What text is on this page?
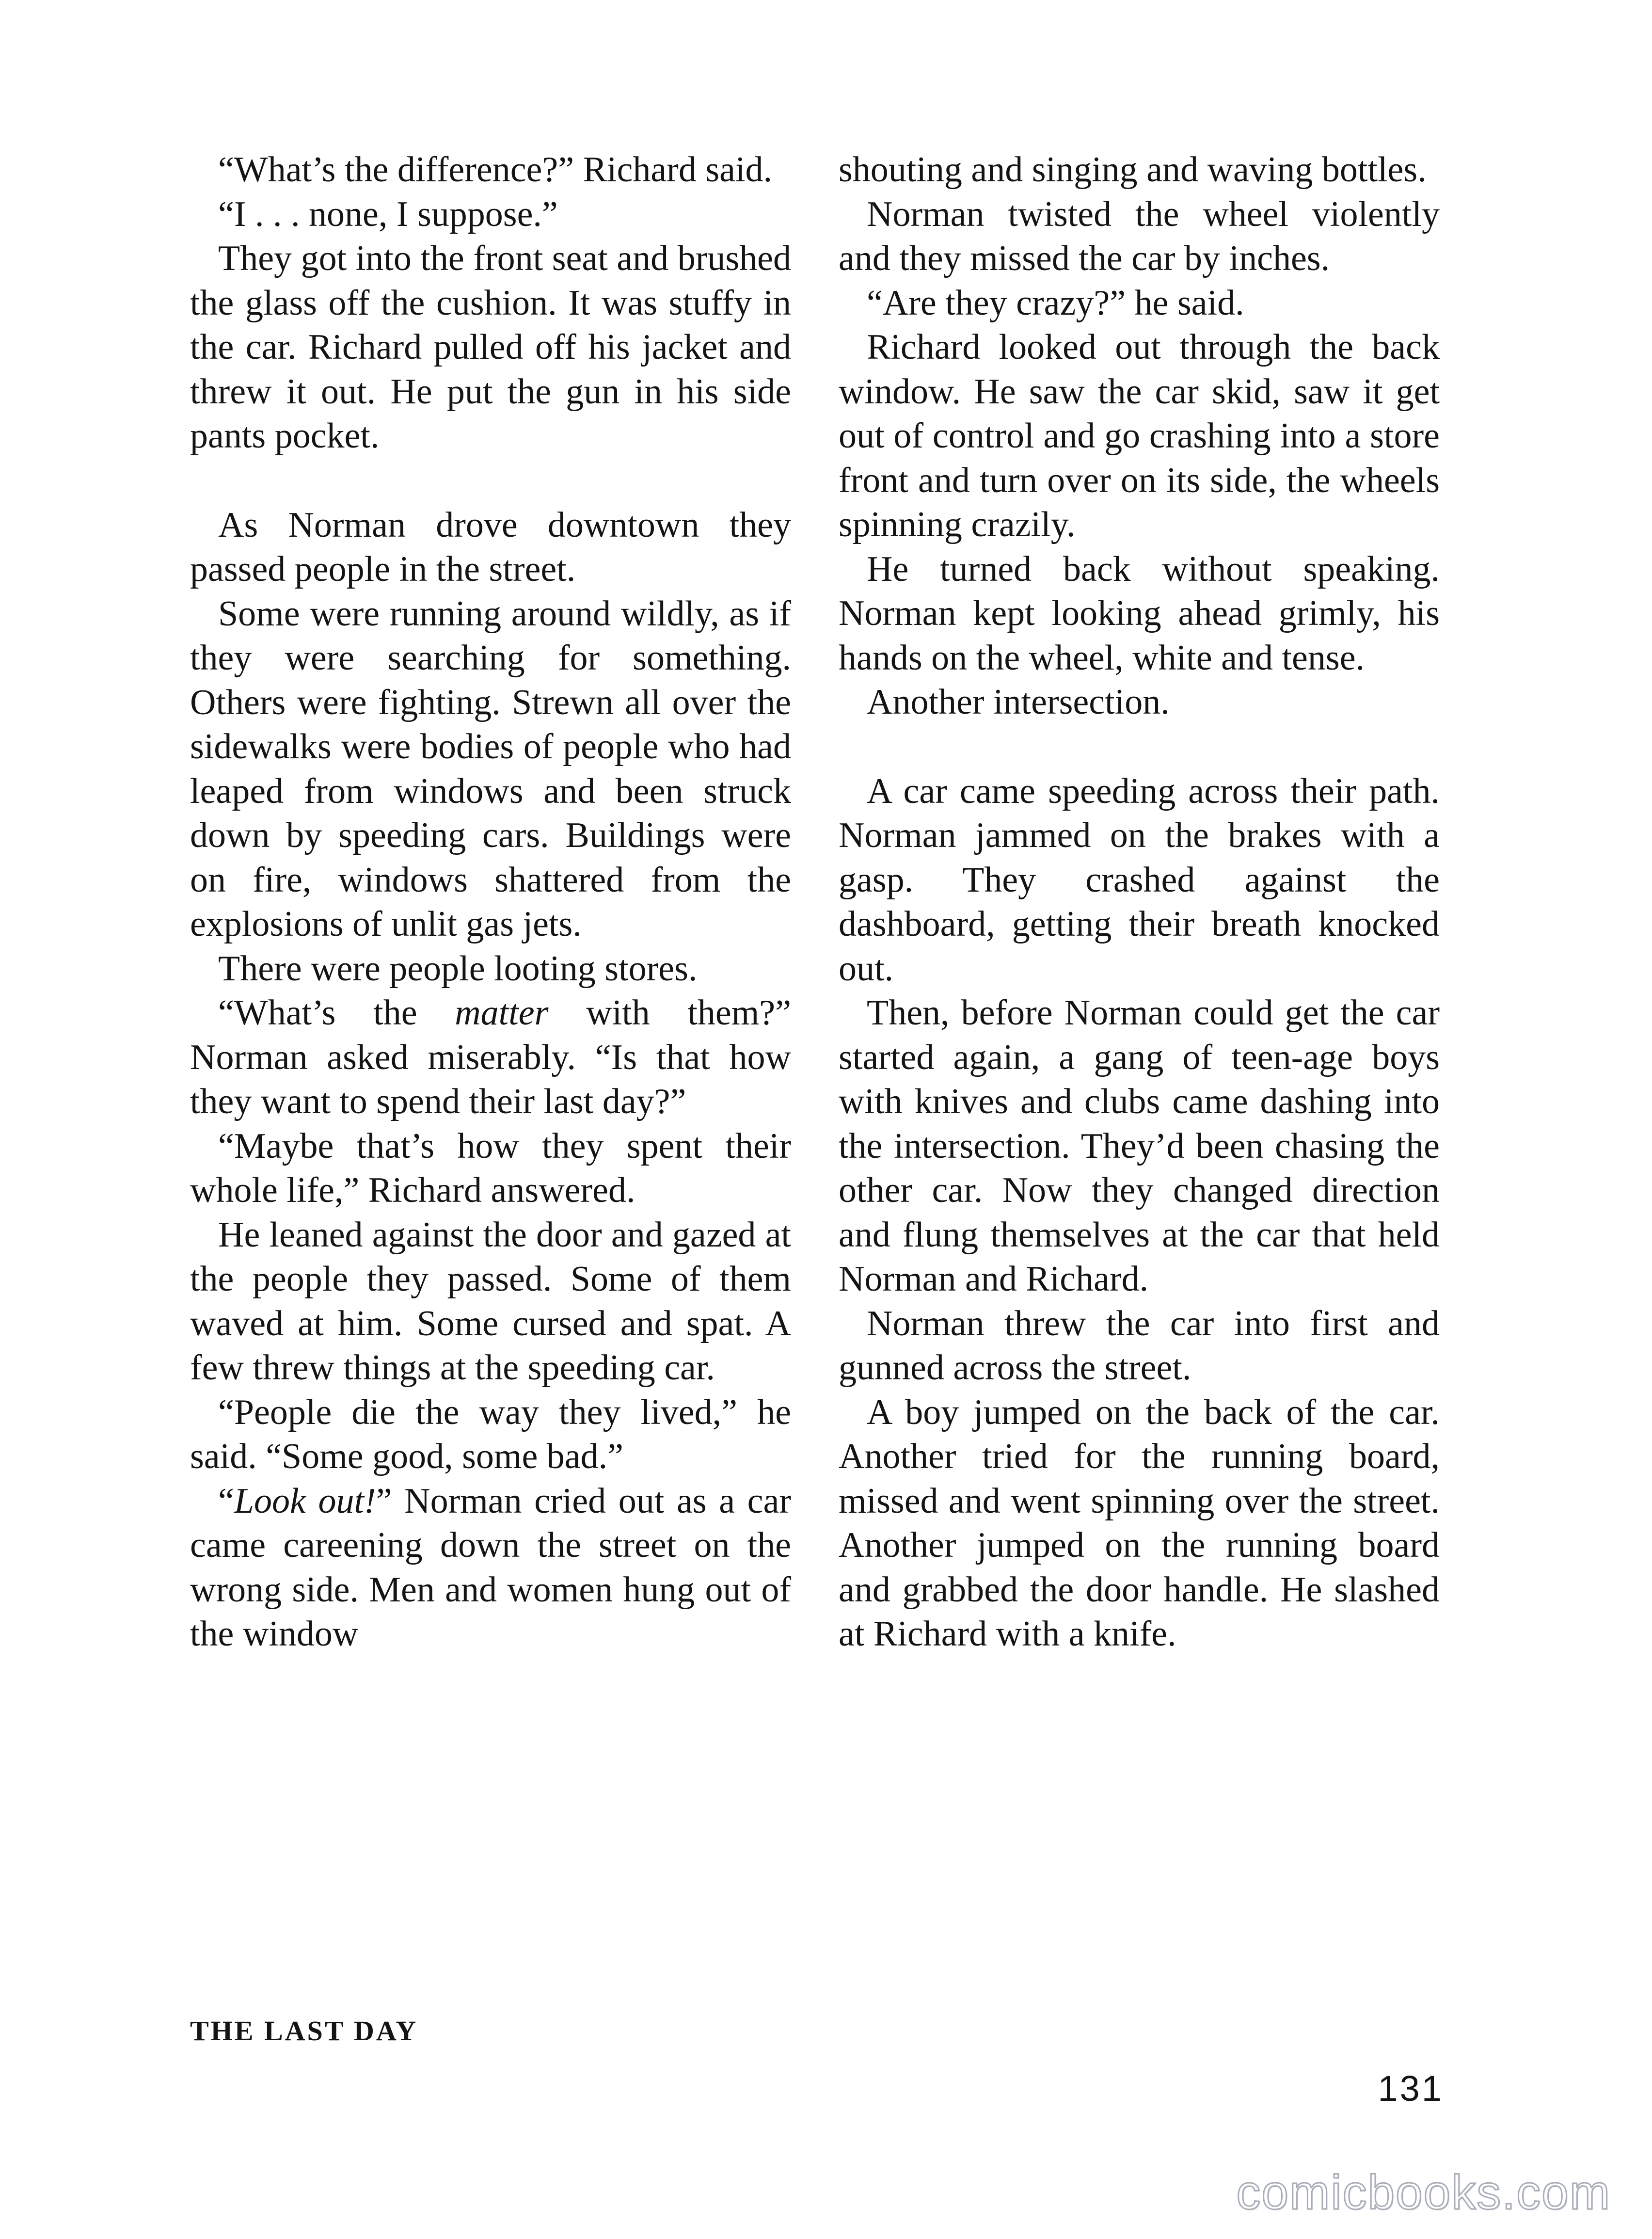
“What’s the difference?” Richard said.

“I . . . none, I suppose.”

They got into the front seat and brushed the glass off the cushion. It was stuffy in the car. Richard pulled off his jacket and threw it out. He put the gun in his side pants pocket.

As Norman drove downtown they passed people in the street.

Some were running around wildly, as if they were searching for something. Others were fighting. Strewn all over the sidewalks were bodies of people who had leaped from windows and been struck down by speeding cars. Buildings were on fire, windows shattered from the explosions of unlit gas jets.

There were people looting stores.

“What’s the matter with them?” Norman asked miserably. “Is that how they want to spend their last day?”

“Maybe that’s how they spent their whole life,” Richard answered.

He leaned against the door and gazed at the people they passed. Some of them waved at him. Some cursed and spat. A few threw things at the speeding car.

“People die the way they lived,” he said. “Some good, some bad.”

“Look out!” Norman cried out as a car came careening down the street on the wrong side. Men and women hung out of the window

shouting and singing and waving bottles.

Norman twisted the wheel violently and they missed the car by inches.

“Are they crazy?” he said.

Richard looked out through the back window. He saw the car skid, saw it get out of control and go crashing into a store front and turn over on its side, the wheels spinning crazily.

He turned back without speaking. Norman kept looking ahead grimly, his hands on the wheel, white and tense.

Another intersection.

A car came speeding across their path. Norman jammed on the brakes with a gasp. They crashed against the dashboard, getting their breath knocked out.

Then, before Norman could get the car started again, a gang of teen-age boys with knives and clubs came dashing into the intersection. They’d been chasing the other car. Now they changed direction and flung themselves at the car that held Norman and Richard.

Norman threw the car into first and gunned across the street.

A boy jumped on the back of the car. Another tried for the running board, missed and went spinning over the street. Another jumped on the running board and grabbed the door handle. He slashed at Richard with a knife.

THE LAST DAY
131
comicbooks.com
